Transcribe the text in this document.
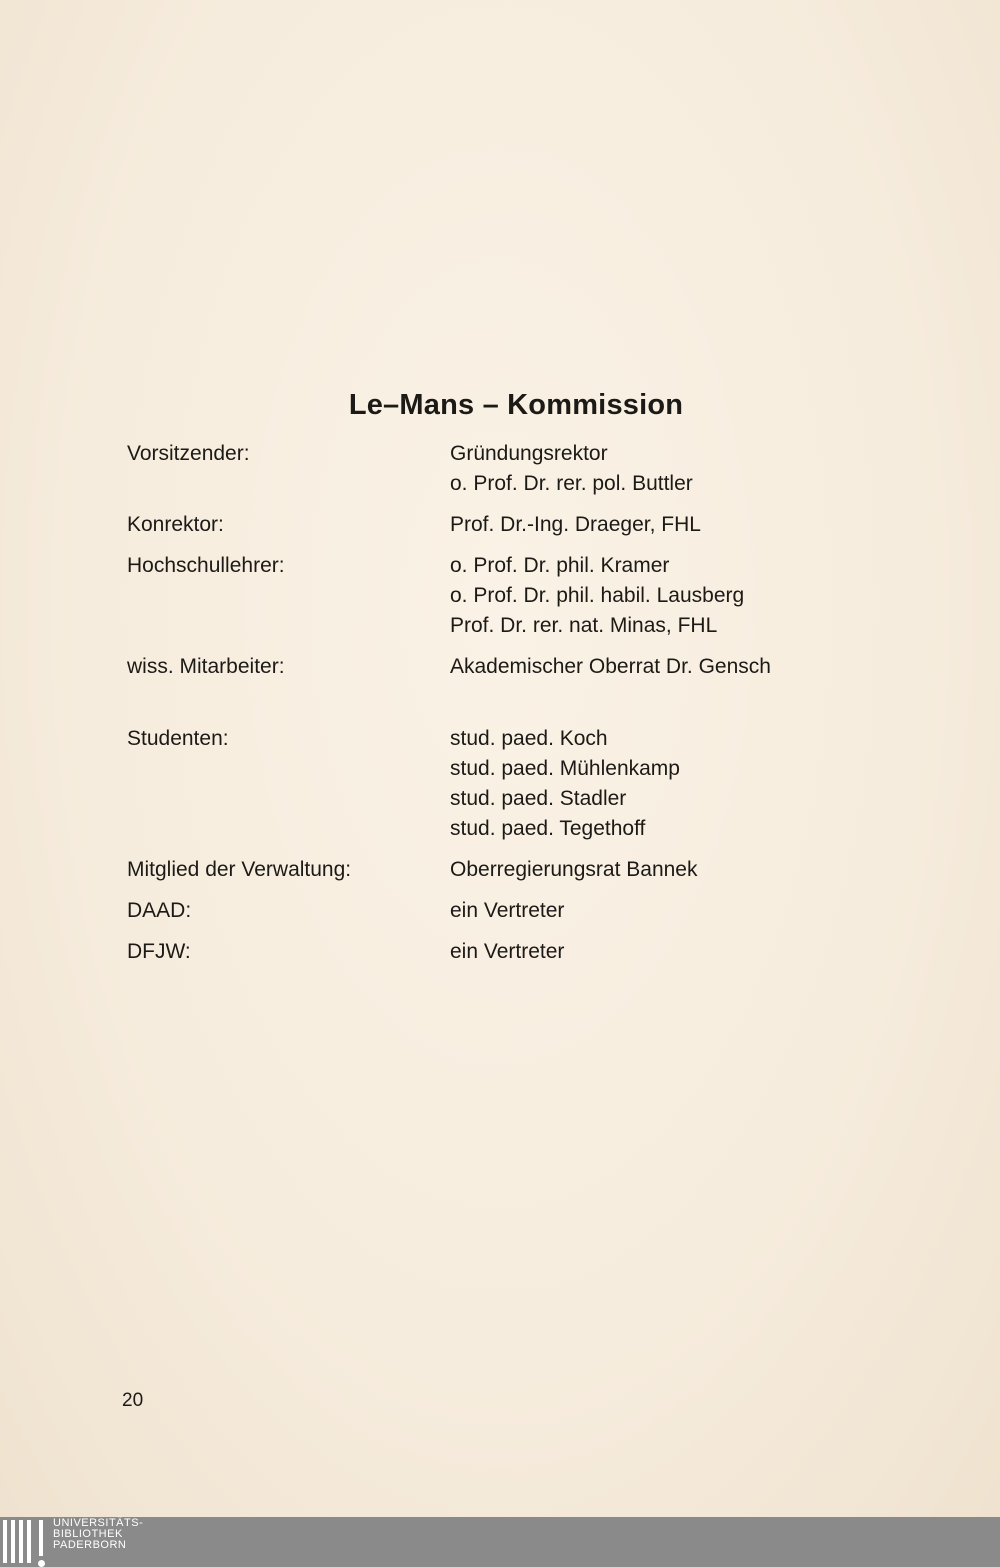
Le–Mans – Kommission
Vorsitzender:	Gründungsrektor
o. Prof. Dr. rer. pol. Buttler
Konrektor:	Prof. Dr.-Ing. Draeger, FHL
Hochschullehrer:	o. Prof. Dr. phil. Kramer
o. Prof. Dr. phil. habil. Lausberg
Prof. Dr. rer. nat. Minas, FHL
wiss. Mitarbeiter:	Akademischer Oberrat Dr. Gensch
Studenten:	stud. paed. Koch
stud. paed. Mühlenkamp
stud. paed. Stadler
stud. paed. Tegethoff
Mitglied der Verwaltung:	Oberregierungsrat Bannek
DAAD:	ein Vertreter
DFJW:	ein Vertreter
20
UNIVERSITÄTS-
BIBLIOTHEK
PADERBORN
